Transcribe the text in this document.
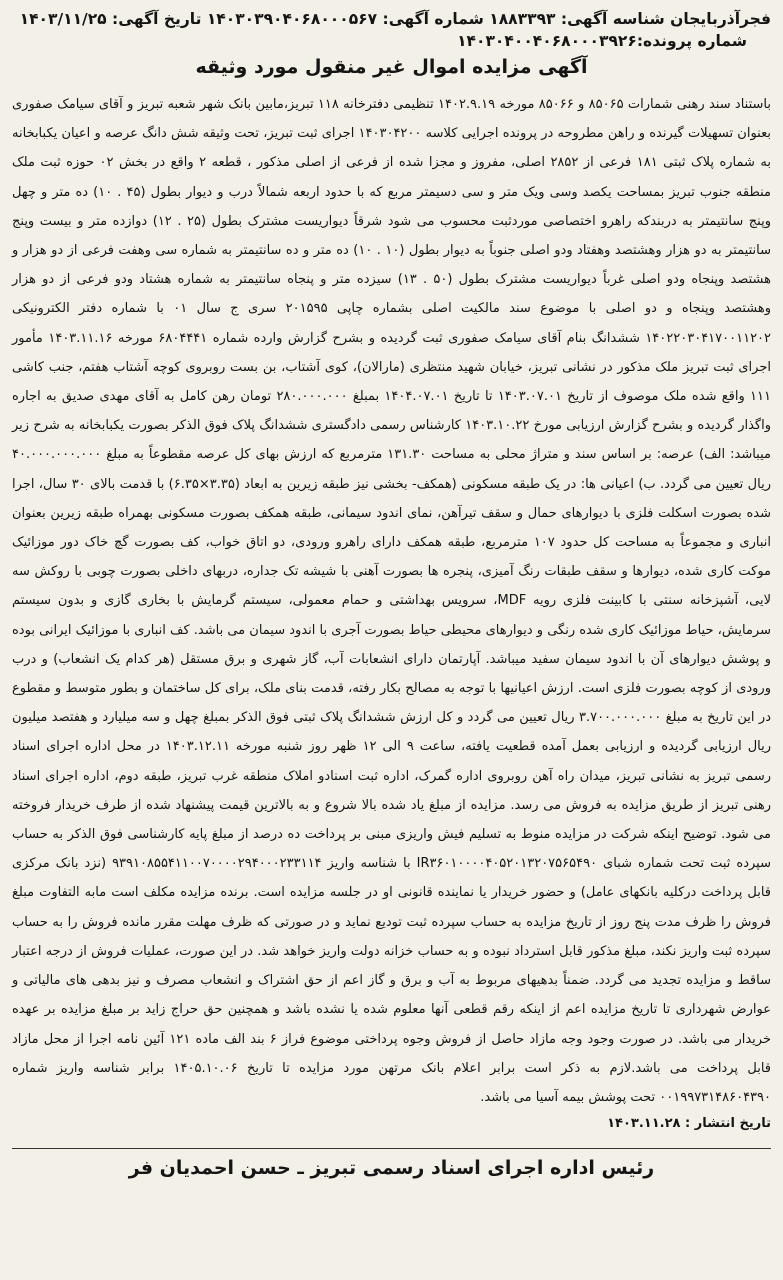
فجرآذربایجان شناسه آگهی: ۱۸۸۳۳۹۳ شماره آگهی: ۱۴۰۳۰۳۹۰۴۰۶۸۰۰۰۵۶۷ تاریخ آگهی: ۱۴۰۳/۱۱/۲۵
شماره پرونده:۱۴۰۳۰۴۰۰۴۰۶۸۰۰۰۳۹۲۶
آگهی مزایده اموال غیر منقول مورد وثیقه

باستناد سند رهنی شمارات ۸۵۰۶۵ و ۸۵۰۶۶ مورخه ۱۴۰۲.۹.۱۹ تنظیمی دفترخانه ۱۱۸ تبریز،مابین بانک شهر شعبه تبریز و آقای سیامک صفوری بعنوان تسهیلات گیرنده و راهن مطروحه در پرونده اجرایی کلاسه ۱۴۰۳۰۴۲۰۰ اجرای ثبت تبریز، تحت وثیقه شش دانگ عرصه و اعیان یکبابخانه به شماره پلاک ثبتی ۱۸۱ فرعی از ۲۸۵۲ اصلی، مفروز و مجزا شده از فرعی از اصلی مذکور ، قطعه ۲ واقع در بخش ۰۲ حوزه ثبت ملک منطقه جنوب تبریز بمساحت یکصد وسی ویک متر و سی دسیمتر مربع که با حدود اربعه شمالاً درب و دیوار بطول (۴۵ . ۱۰) ده متر و چهل وپنج سانتیمتر به دربندکه راهرو اختصاصی موردثبت محسوب می شود شرقاً دیواریست مشترک بطول (۲۵ . ۱۲) دوازده متر و بیست وپنج سانتیمتر به دو هزار وهشتصد وهفتاد ودو اصلی جنوباً به دیوار بطول (۱۰ . ۱۰) ده متر و ده سانتیمتر به شماره سی وهفت فرعی از دو هزار و هشتصد وپنجاه ودو اصلی غرباً دیواریست مشترک بطول (۵۰ . ۱۳) سیزده متر و پنجاه سانتیمتر به شماره هشتاد ودو فرعی از دو هزار وهشتصد وپنجاه و دو اصلی با موضوع سند مالکیت اصلی بشماره چاپی ۲۰۱۵۹۵ سری ج سال ۰۱ با شماره دفتر الکترونیکی ۱۴۰۲۲۰۳۰۴۱۷۰۰۱۱۲۰۲ ششدانگ بنام آقای سیامک صفوری ثبت گردیده و بشرح گزارش وارده شماره ۶۸۰۴۴۴۱ مورخه ۱۴۰۳.۱۱.۱۶ مأمور اجرای ثبت تبریز ملک مذکور در نشانی تبریز، خیابان شهید منتظری (مارالان)، کوی آشتاب، بن بست روبروی کوچه آشتاب هفتم، جنب کاشی ۱۱۱ واقع شده ملک موصوف از تاریخ ۱۴۰۳.۰۷.۰۱ تا تاریخ ۱۴۰۴.۰۷.۰۱ بمبلغ ۲۸۰.۰۰۰.۰۰۰ تومان رهن کامل به آقای مهدی صدیق به اجاره واگذار گردیده و بشرح گزارش ارزیابی مورخ ۱۴۰۳.۱۰.۲۲ کارشناس رسمی دادگستری ششدانگ پلاک فوق الذکر بصورت یکبابخانه به شرح زیر میباشد: الف) عرصه: بر اساس سند و متراژ محلی به مساحت ۱۳۱.۳۰ مترمربع که ارزش بهای کل عرصه مقطوعاً به مبلغ ۴۰.۰۰۰.۰۰۰.۰۰۰ ریال تعیین می گردد. ب) اعیانی ها: در یک طبقه مسکونی (همکف- بخشی نیز طبقه زیرین به ابعاد (۳.۳۵×۶.۳۵) با قدمت بالای ۳۰ سال، اجرا شده بصورت اسکلت فلزی با دیوارهای حمال و سقف تیرآهن، نمای اندود سیمانی، طبقه همکف بصورت مسکونی بهمراه طبقه زیرین بعنوان انباری و مجموعاً به مساحت کل حدود ۱۰۷ مترمربع، طبقه همکف دارای راهرو ورودی، دو اتاق خواب، کف بصورت گچ خاک دور موزائیک موکت کاری شده، دیوارها و سقف طبقات رنگ آمیزی، پنجره ها بصورت آهنی با شیشه تک جداره، دربهای داخلی بصورت چوبی با روکش سه لایی، آشپزخانه سنتی با کابینت فلزی رویه MDF، سرویس بهداشتی و حمام معمولی، سیستم گرمایش با بخاری گازی و بدون سیستم سرمایش، حیاط موزائیک کاری شده رنگی و دیوارهای محیطی حیاط بصورت آجری با اندود سیمان می باشد. کف انباری با موزائیک ایرانی بوده و پوشش دیوارهای آن با اندود سیمان سفید میباشد. آپارتمان دارای انشعابات آب، گاز شهری و برق مستقل (هر کدام یک انشعاب) و درب ورودی از کوچه بصورت فلزی است. ارزش اعیانیها با توجه به مصالح بکار رفته، قدمت بنای ملک، برای کل ساختمان و بطور متوسط و مقطوع در این تاریخ به مبلغ ۳.۷۰۰.۰۰۰.۰۰۰ ریال تعیین می گردد و کل ارزش ششدانگ پلاک ثبتی فوق الذکر بمبلغ چهل و سه میلیارد و هفتصد میلیون ریال ارزیابی گردیده و ارزیابی بعمل آمده قطعیت یافته، ساعت ۹ الی ۱۲ ظهر روز شنبه مورخه ۱۴۰۳.۱۲.۱۱ در محل اداره اجرای اسناد رسمی تبریز به نشانی تبریز، میدان راه آهن روبروی اداره گمرک، اداره ثبت اسنادو املاک منطقه غرب تبریز، طبقه دوم، اداره اجرای اسناد رهنی تبریز از طریق مزایده به فروش می رسد. مزایده از مبلغ یاد شده بالا شروع و به بالاترین قیمت پیشنهاد شده از طرف خریدار فروخته می شود. توضیح اینکه شرکت در مزایده منوط به تسلیم فیش واریزی مبنی بر پرداخت ده درصد از مبلغ پایه کارشناسی فوق الذکر به حساب سپرده ثبت تحت شماره شبای IR۳۶۰۱۰۰۰۰۴۰۵۲۰۱۳۲۰۷۵۶۵۴۹۰ با شناسه واریز ۹۳۹۱۰۸۵۵۴۱۱۰۰۷۰۰۰۰۲۹۴۰۰۰۲۳۳۱۱۴ (نزد بانک مرکزی قابل پرداخت درکلیه بانکهای عامل) و حضور خریدار یا نماینده قانونی او در جلسه مزایده است. برنده مزایده مکلف است مابه التفاوت مبلغ فروش را ظرف مدت پنج روز از تاریخ مزایده به حساب سپرده ثبت تودیع نماید و در صورتی که ظرف مهلت مقرر مانده فروش را به حساب سپرده ثبت واریز نکند، مبلغ مذکور قابل استرداد نبوده و به حساب خزانه دولت واریز خواهد شد. در این صورت، عملیات فروش از درجه اعتبار ساقط و مزایده تجدید می گردد. ضمناً بدهیهای مربوط به آب و برق و گاز اعم از حق اشتراک و انشعاب مصرف و نیز بدهی های مالیاتی و عوارض شهرداری تا تاریخ مزایده اعم از اینکه رقم قطعی آنها معلوم شده یا نشده باشد و همچنین حق حراج زاید بر مبلغ مزایده بر عهده خریدار می باشد. در صورت وجود وجه مازاد حاصل از فروش وجوه پرداختی موضوع فراز ۶ بند الف ماده ۱۲۱ آئین نامه اجرا از محل مازاد قابل پرداخت می باشد.لازم به ذکر است برابر اعلام بانک مرتهن مورد مزایده تا تاریخ ۱۴۰۵.۱۰.۰۶ برابر شناسه واریز شماره ۰۰۱۹۹۷۳۱۴۸۶۰۴۳۹۰ تحت پوشش بیمه آسیا می باشد.

تاریخ انتشار : ۱۴۰۳.۱۱.۲۸

رئیس اداره اجرای اسناد رسمی تبریز ـ حسن احمدیان فر
